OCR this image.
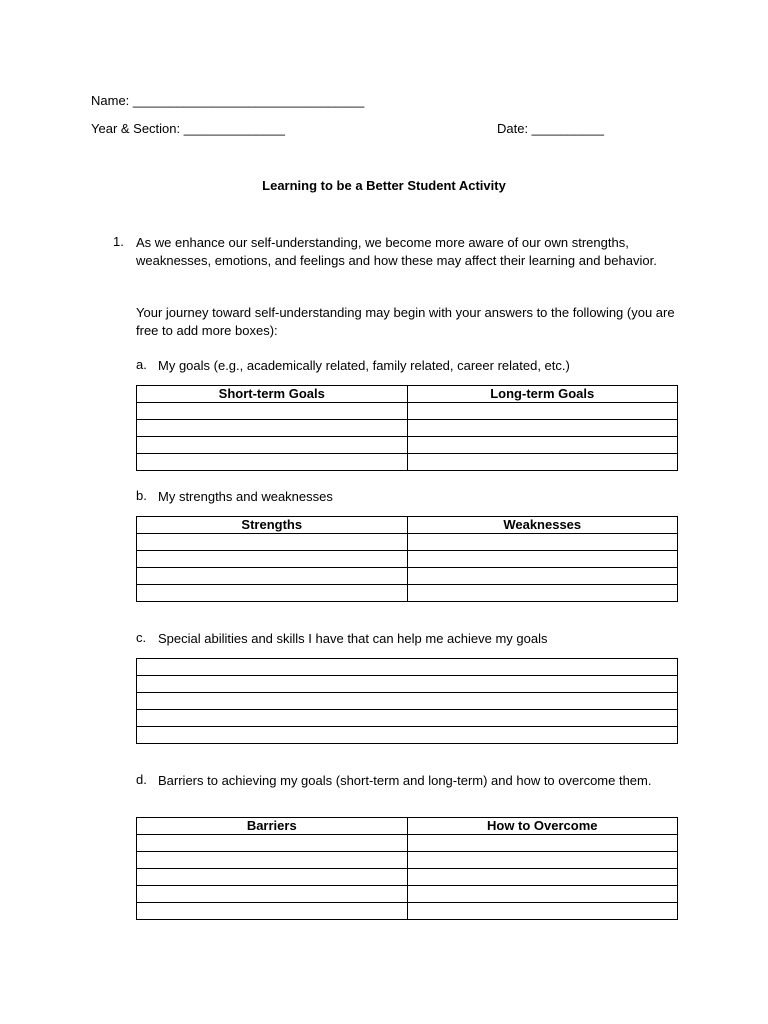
Name: ________________________________
Year & Section: ______________	Date: __________
Learning to be a Better Student Activity
1. As we enhance our self-understanding, we become more aware of our own strengths, weaknesses, emotions, and feelings and how these may affect their learning and behavior.
Your journey toward self-understanding may begin with your answers to the following (you are free to add more boxes):
a. My goals (e.g., academically related, family related, career related, etc.)
Short-term Goals	Long-term Goals

b. My strengths and weaknesses
Strengths	Weaknesses

c. Special abilities and skills I have that can help me achieve my goals

d. Barriers to achieving my goals (short-term and long-term) and how to overcome them.
Barriers	How to Overcome
